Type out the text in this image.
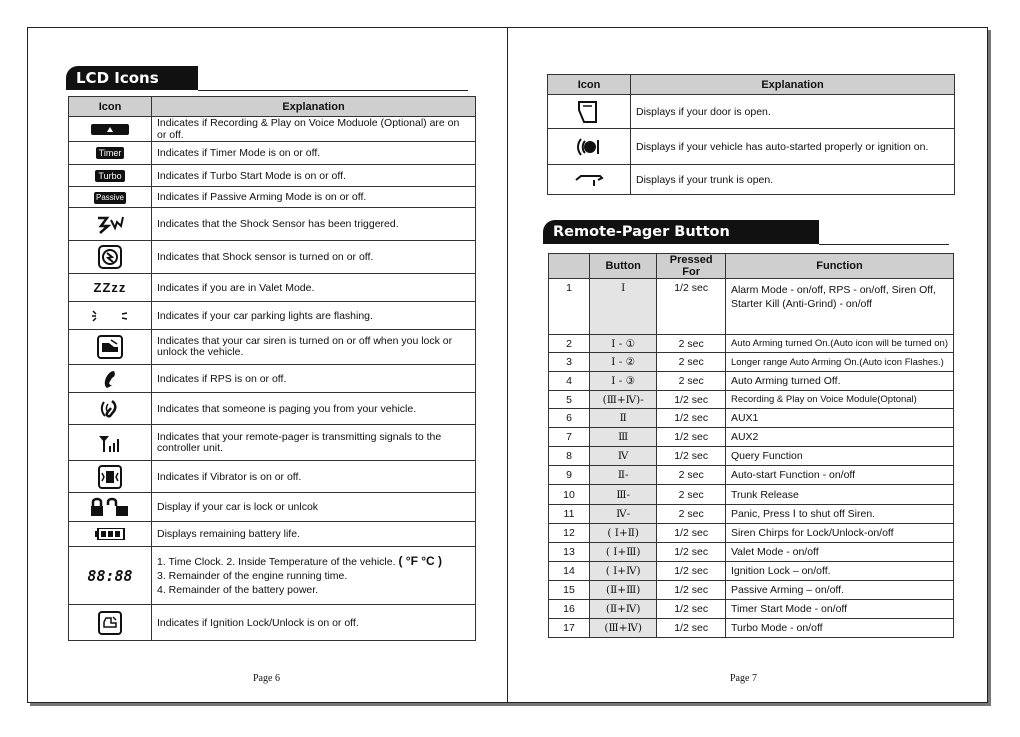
LCD Icons
Icon	Explanation
	Indicates if Recording & Play on Voice Moduole (Optional) are on or off.
Timer	Indicates if Timer Mode is on or off.
Turbo	Indicates if Turbo Start Mode is on or off.
Passive	Indicates if Passive Arming Mode is on or off.
	Indicates that the Shock Sensor has been triggered.
	Indicates that Shock sensor is turned on or off.
ZZzz	Indicates if you are in Valet Mode.
	Indicates if your car parking lights are flashing.
	Indicates that your car siren is turned on or off when you lock or unlock the vehicle.
	Indicates if RPS is on or off.
	Indicates that someone is paging you from your vehicle.
	Indicates that your remote-pager is transmitting signals to the controller unit.
	Indicates if Vibrator is on or off.
	Display if your car is lock or unlcok
	Displays remaining battery life.
88:88	1. Time Clock. 2. Inside Temperature of the vehicle. ( °F °C )
3. Remainder of the engine running time.
4. Remainder of the battery power.

	Indicates if Ignition Lock/Unlock is on or off.
Page 6
Icon	Explanation
	Displays if your door is open.
	Displays if your vehicle has auto-started properly or ignition on.
	Displays if your trunk is open.
Remote-Pager Button
	Button	Pressed For	Function
1	Ⅰ	1/2 sec	Alarm Mode - on/off, RPS - on/off, Siren Off, Starter Kill (Anti-Grind) - on/off
2	Ⅰ - ①	2 sec	Auto Arming turned On.(Auto icon will be turned on)
3	Ⅰ - ②	2 sec	Longer range Auto Arming On.(Auto icon Flashes.)
4	Ⅰ - ③	2 sec	Auto Arming turned Off.
5	(Ⅲ+Ⅳ)-	1/2 sec	Recording & Play on Voice Module(Optonal)
6	Ⅱ	1/2 sec	AUX1
7	Ⅲ	1/2 sec	AUX2
8	Ⅳ	1/2 sec	Query Function
9	Ⅱ-	2 sec	Auto-start Function - on/off
10	Ⅲ-	2 sec	Trunk Release
11	Ⅳ-	2 sec	Panic, Press Ⅰ to shut off Siren.
12	( Ⅰ+Ⅱ)	1/2 sec	Siren Chirps for Lock/Unlock-on/off
13	( Ⅰ+Ⅲ)	1/2 sec	Valet Mode - on/off
14	( Ⅰ+Ⅳ)	1/2 sec	Ignition Lock – on/off.
15	(Ⅱ+Ⅲ)	1/2 sec	Passive Arming – on/off.
16	(Ⅱ+Ⅳ)	1/2 sec	Timer Start Mode - on/off
17	(Ⅲ+Ⅳ)	1/2 sec	Turbo Mode - on/off
Page 7
